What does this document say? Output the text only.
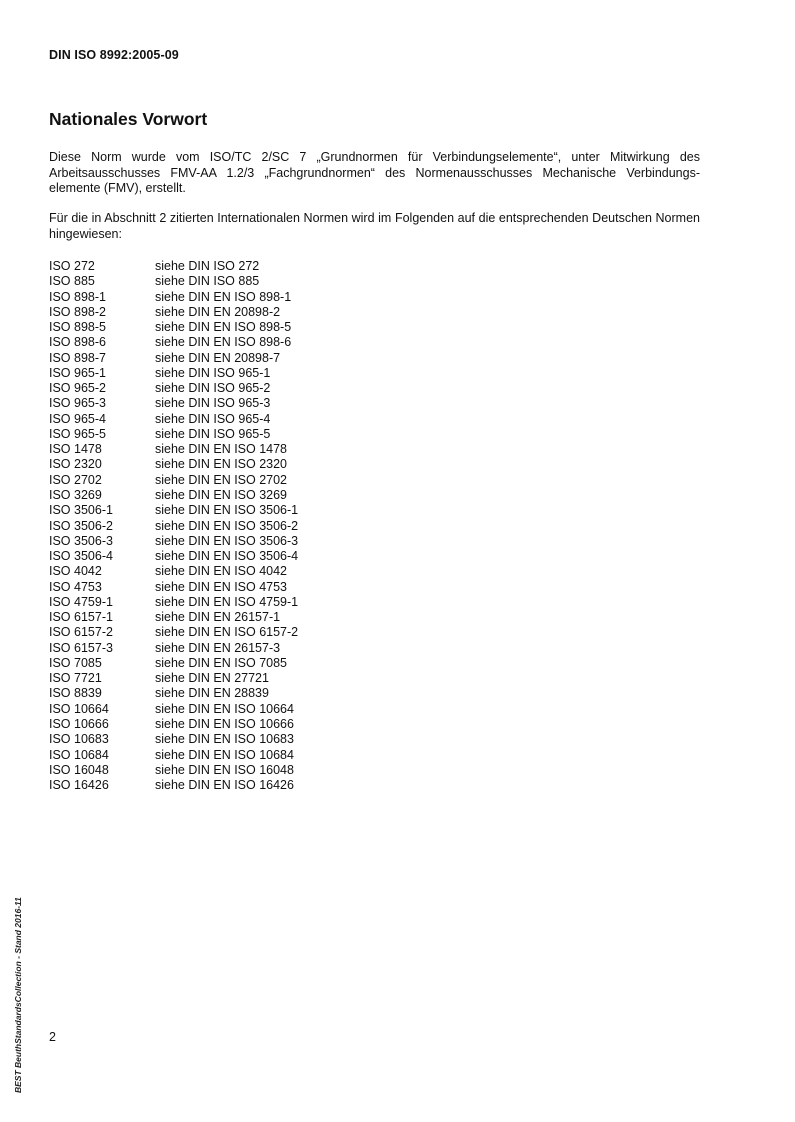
DIN ISO 8992:2005-09
Nationales Vorwort
Diese Norm wurde vom ISO/TC 2/SC 7 „Grundnormen für Verbindungselemente“, unter Mitwirkung des Arbeitsausschusses FMV-AA 1.2/3 „Fachgrundnormen“ des Normenausschusses Mechanische Verbindungs-elemente (FMV), erstellt.
Für die in Abschnitt 2 zitierten Internationalen Normen wird im Folgenden auf die entsprechenden Deutschen Normen hingewiesen:
ISO 272	siehe DIN ISO 272
ISO 885	siehe DIN ISO 885
ISO 898-1	siehe DIN EN ISO 898-1
ISO 898-2	siehe DIN EN 20898-2
ISO 898-5	siehe DIN EN ISO 898-5
ISO 898-6	siehe DIN EN ISO 898-6
ISO 898-7	siehe DIN EN 20898-7
ISO 965-1	siehe DIN ISO 965-1
ISO 965-2	siehe DIN ISO 965-2
ISO 965-3	siehe DIN ISO 965-3
ISO 965-4	siehe DIN ISO 965-4
ISO 965-5	siehe DIN ISO 965-5
ISO 1478	siehe DIN EN ISO 1478
ISO 2320	siehe DIN EN ISO 2320
ISO 2702	siehe DIN EN ISO 2702
ISO 3269	siehe DIN EN ISO 3269
ISO 3506-1	siehe DIN EN ISO 3506-1
ISO 3506-2	siehe DIN EN ISO 3506-2
ISO 3506-3	siehe DIN EN ISO 3506-3
ISO 3506-4	siehe DIN EN ISO 3506-4
ISO 4042	siehe DIN EN ISO 4042
ISO 4753	siehe DIN EN ISO 4753
ISO 4759-1	siehe DIN EN ISO 4759-1
ISO 6157-1	siehe DIN EN 26157-1
ISO 6157-2	siehe DIN EN ISO 6157-2
ISO 6157-3	siehe DIN EN 26157-3
ISO 7085	siehe DIN EN ISO 7085
ISO 7721	siehe DIN EN 27721
ISO 8839	siehe DIN EN 28839
ISO 10664	siehe DIN EN ISO 10664
ISO 10666	siehe DIN EN ISO 10666
ISO 10683	siehe DIN EN ISO 10683
ISO 10684	siehe DIN EN ISO 10684
ISO 16048	siehe DIN EN ISO 16048
ISO 16426	siehe DIN EN ISO 16426
2
BEST BeuthStandardsCollection - Stand 2016-11
